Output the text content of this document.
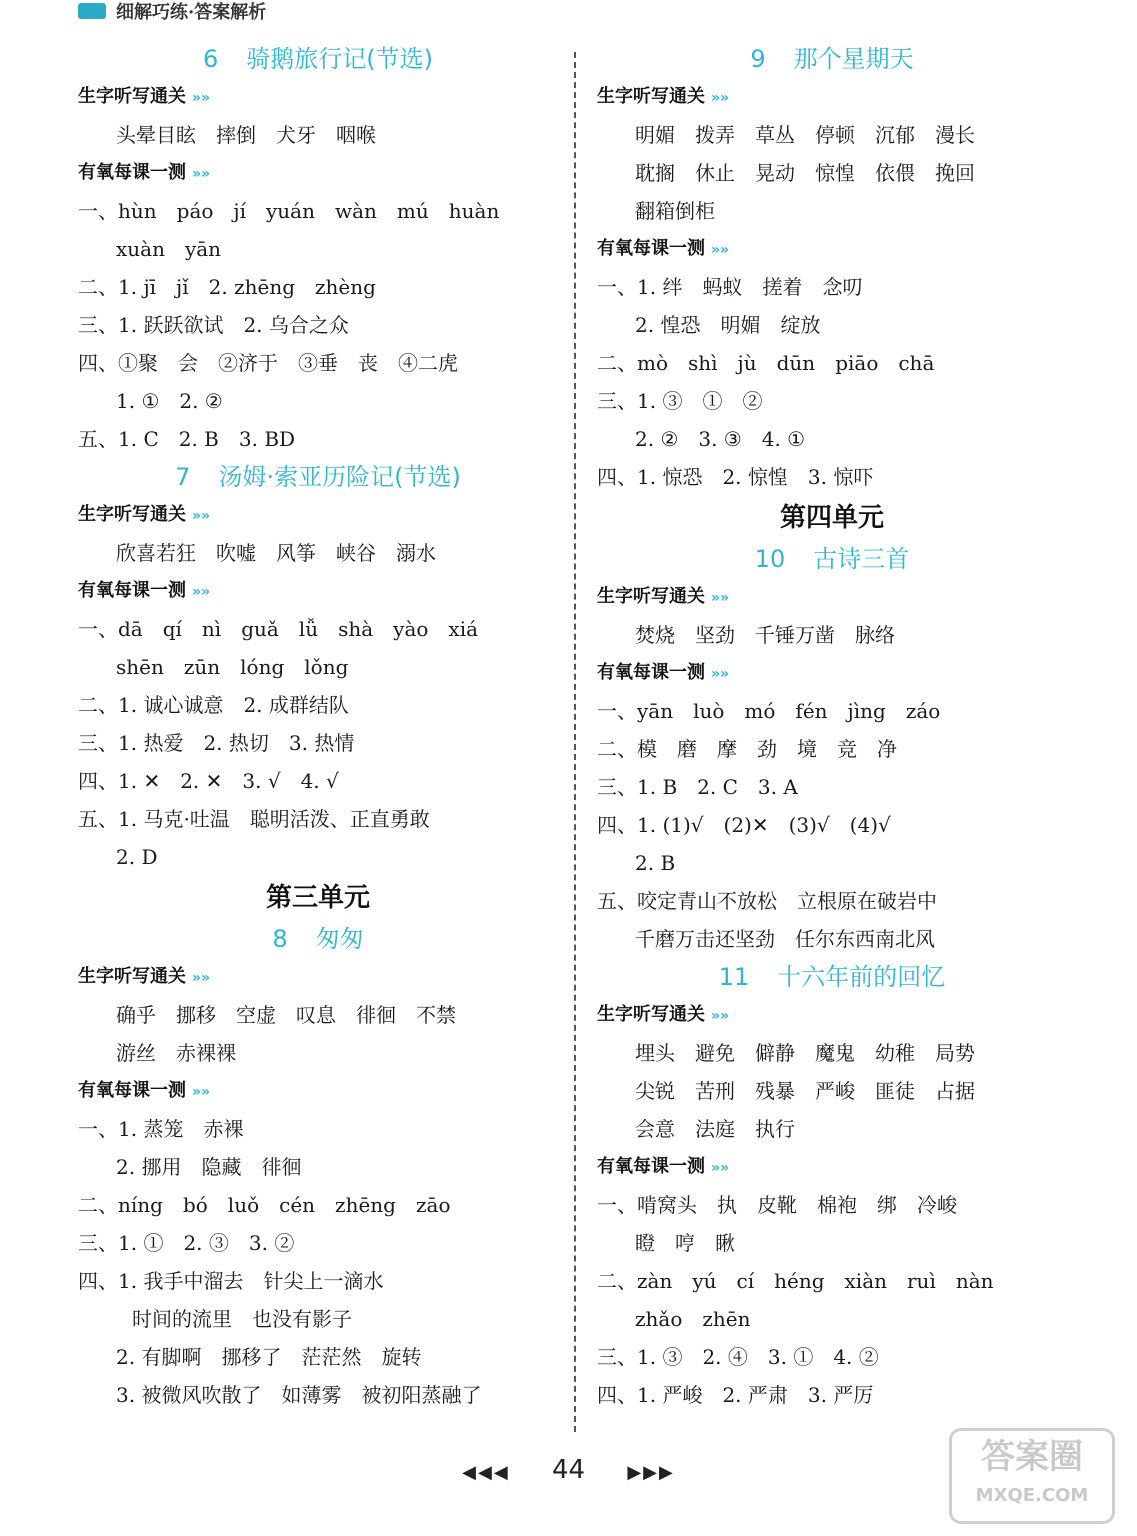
细解巧练·答案解析
6 骑鹅旅行记(节选)
生字听写通关 »»
头晕目眩　摔倒　犬牙　咽喉
有氧每课一测 »»
一、hùn　páo　jí　yuán　wàn　mú　huàn
xuàn　yān
二、1. jī　jǐ　2. zhēng　zhèng
三、1. 跃跃欲试　2. 乌合之众
四、①聚　会　②济于　③垂　丧　④二虎
1. ①　2. ②
五、1. C　2. B　3. BD
7 汤姆·索亚历险记(节选)
生字听写通关 »»
欣喜若狂　吹嘘　风筝　峡谷　溺水
有氧每课一测 »»
一、dā　qí　nì　guǎ　lǚ　shà　yào　xiá
shēn　zūn　lóng　lǒng
二、1. 诚心诚意　2. 成群结队
三、1. 热爱　2. 热切　3. 热情
四、1. ✕　2. ✕　3. √　4. √
五、1. 马克·吐温　聪明活泼、正直勇敢
2. D
第三单元
8 匆匆
生字听写通关 »»
确乎　挪移　空虚　叹息　徘徊　不禁
游丝　赤裸裸
有氧每课一测 »»
一、1. 蒸笼　赤裸
2. 挪用　隐藏　徘徊
二、níng　bó　luǒ　cén　zhēng　zāo
三、1. ①　2. ③　3. ②
四、1. 我手中溜去　针尖上一滴水
时间的流里　也没有影子
2. 有脚啊　挪移了　茫茫然　旋转
3. 被微风吹散了　如薄雾　被初阳蒸融了
9 那个星期天
生字听写通关 »»
明媚　拨弄　草丛　停顿　沉郁　漫长
耽搁　休止　晃动　惊惶　依偎　挽回
翻箱倒柜
有氧每课一测 »»
一、1. 绊　蚂蚁　搓着　念叨
2. 惶恐　明媚　绽放
二、mò　shì　jù　dūn　piāo　chā
三、1. ③　①　②
2. ②　3. ③　4. ①
四、1. 惊恐　2. 惊惶　3. 惊吓
第四单元
10 古诗三首
生字听写通关 »»
焚烧　坚劲　千锤万凿　脉络
有氧每课一测 »»
一、yān　luò　mó　fén　jìng　záo
二、模　磨　摩　劲　境　竞　净
三、1. B　2. C　3. A
四、1. (1)√　(2)✕　(3)√　(4)√
2. B
五、咬定青山不放松　立根原在破岩中
千磨万击还坚劲　任尔东西南北风
11 十六年前的回忆
生字听写通关 »»
埋头　避免　僻静　魔鬼　幼稚　局势
尖锐　苦刑　残暴　严峻　匪徒　占据
会意　法庭　执行
有氧每课一测 »»
一、啃窝头　执　皮靴　棉袍　绑　冷峻
瞪　哼　瞅
二、zàn　yú　cí　héng　xiàn　ruì　nàn
zhǎo　zhēn
三、1. ③　2. ④　3. ①　4. ②
四、1. 严峻　2. 严肃　3. 严厉
◀◀◀ 44 ▶▶▶	答案圈
MXQE.COM
